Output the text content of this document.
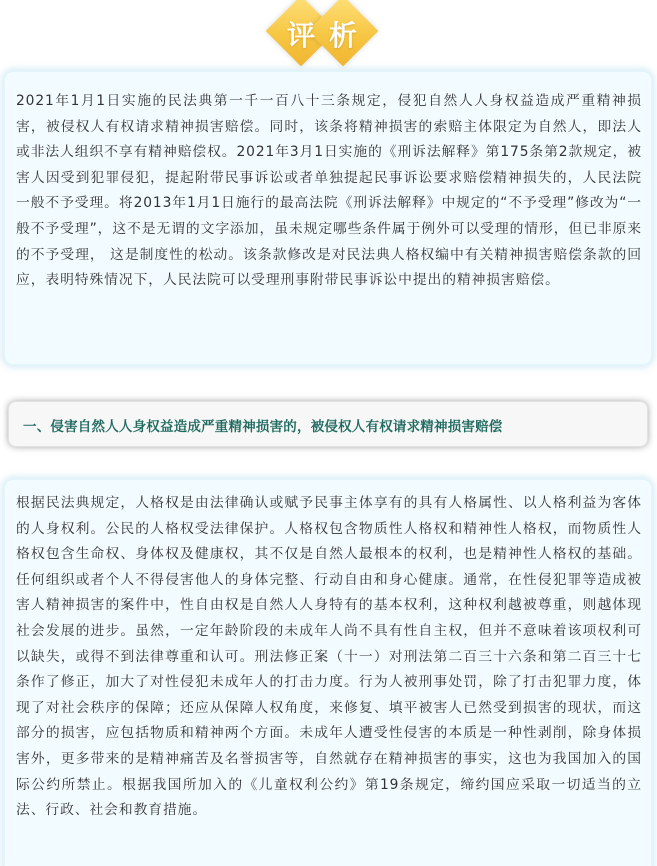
评 析

2021年1月1日实施的民法典第一千一百八十三条规定，侵犯自然人人身权益造成严重精神损害，被侵权人有权请求精神损害赔偿。同时，该条将精神损害的索赔主体限定为自然人，即法人或非法人组织不享有精神赔偿权。2021年3月1日实施的《刑诉法解释》第175条第2款规定，被害人因受到犯罪侵犯，提起附带民事诉讼或者单独提起民事诉讼要求赔偿精神损失的，人民法院一般不予受理。将2013年1月1日施行的最高法院《刑诉法解释》中规定的“不予受理”修改为“一般不予受理”，这不是无谓的文字添加，虽未规定哪些条件属于例外可以受理的情形，但已非原来的不予受理， 这是制度性的松动。该条款修改是对民法典人格权编中有关精神损害赔偿条款的回应，表明特殊情况下，人民法院可以受理刑事附带民事诉讼中提出的精神损害赔偿。

一、侵害自然人人身权益造成严重精神损害的，被侵权人有权请求精神损害赔偿

根据民法典规定，人格权是由法律确认或赋予民事主体享有的具有人格属性、以人格利益为客体的人身权利。公民的人格权受法律保护。人格权包含物质性人格权和精神性人格权，而物质性人格权包含生命权、身体权及健康权，其不仅是自然人最根本的权利，也是精神性人格权的基础。任何组织或者个人不得侵害他人的身体完整、行动自由和身心健康。通常，在性侵犯罪等造成被害人精神损害的案件中，性自由权是自然人人身特有的基本权利，这种权利越被尊重，则越体现社会发展的进步。虽然，一定年龄阶段的未成年人尚不具有性自主权，但并不意味着该项权利可以缺失，或得不到法律尊重和认可。刑法修正案（十一）对刑法第二百三十六条和第二百三十七条作了修正，加大了对性侵犯未成年人的打击力度。行为人被刑事处罚，除了打击犯罪力度，体现了对社会秩序的保障；还应从保障人权角度，来修复、填平被害人已然受到损害的现状，而这部分的损害，应包括物质和精神两个方面。未成年人遭受性侵害的本质是一种性剥削，除身体损害外，更多带来的是精神痛苦及名誉损害等，自然就存在精神损害的事实，这也为我国加入的国际公约所禁止。根据我国所加入的《儿童权利公约》第19条规定，缔约国应采取一切适当的立法、行政、社会和教育措施。
